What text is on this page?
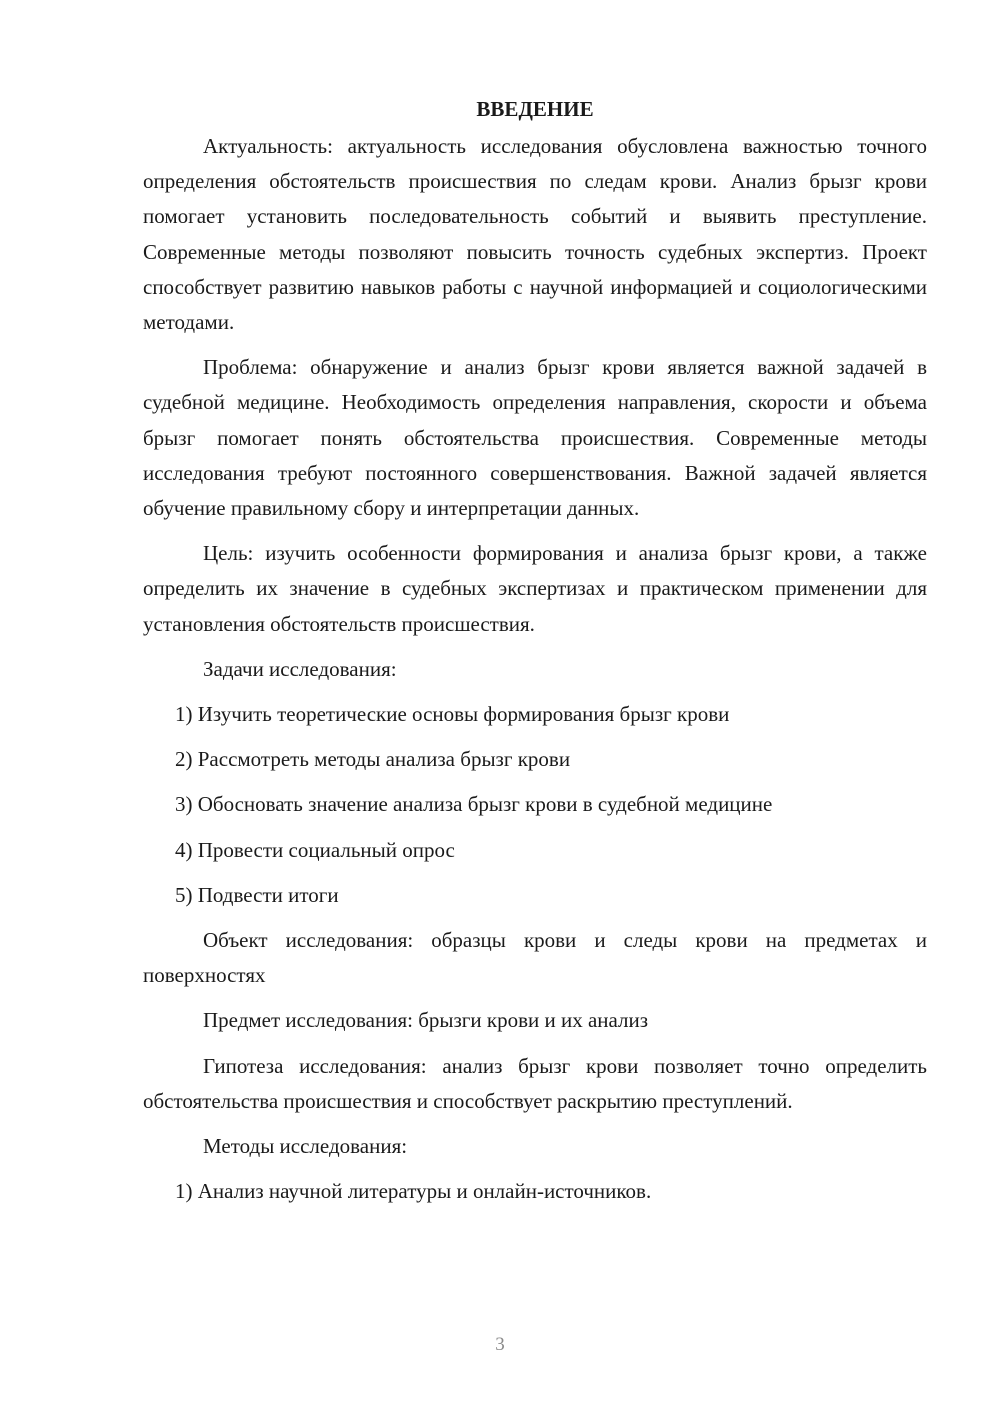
ВВЕДЕНИЕ

Актуальность: актуальность исследования обусловлена важностью точного определения обстоятельств происшествия по следам крови. Анализ брызг крови помогает установить последовательность событий и выявить преступление. Современные методы позволяют повысить точность судебных экспертиз. Проект способствует развитию навыков работы с научной информацией и социологическими методами.

Проблема: обнаружение и анализ брызг крови является важной задачей в судебной медицине. Необходимость определения направления, скорости и объема брызг помогает понять обстоятельства происшествия. Современные методы исследования требуют постоянного совершенствования. Важной задачей является обучение правильному сбору и интерпретации данных.

Цель: изучить особенности формирования и анализа брызг крови, а также определить их значение в судебных экспертизах и практическом применении для установления обстоятельств происшествия.

Задачи исследования:

1) Изучить теоретические основы формирования брызг крови
2) Рассмотреть методы анализа брызг крови
3) Обосновать значение анализа брызг крови в судебной медицине
4) Провести социальный опрос
5) Подвести итоги

Объект исследования: образцы крови и следы крови на предметах и поверхностях

Предмет исследования: брызги крови и их анализ

Гипотеза исследования: анализ брызг крови позволяет точно определить обстоятельства происшествия и способствует раскрытию преступлений.

Методы исследования:

1) Анализ научной литературы и онлайн-источников.
3
